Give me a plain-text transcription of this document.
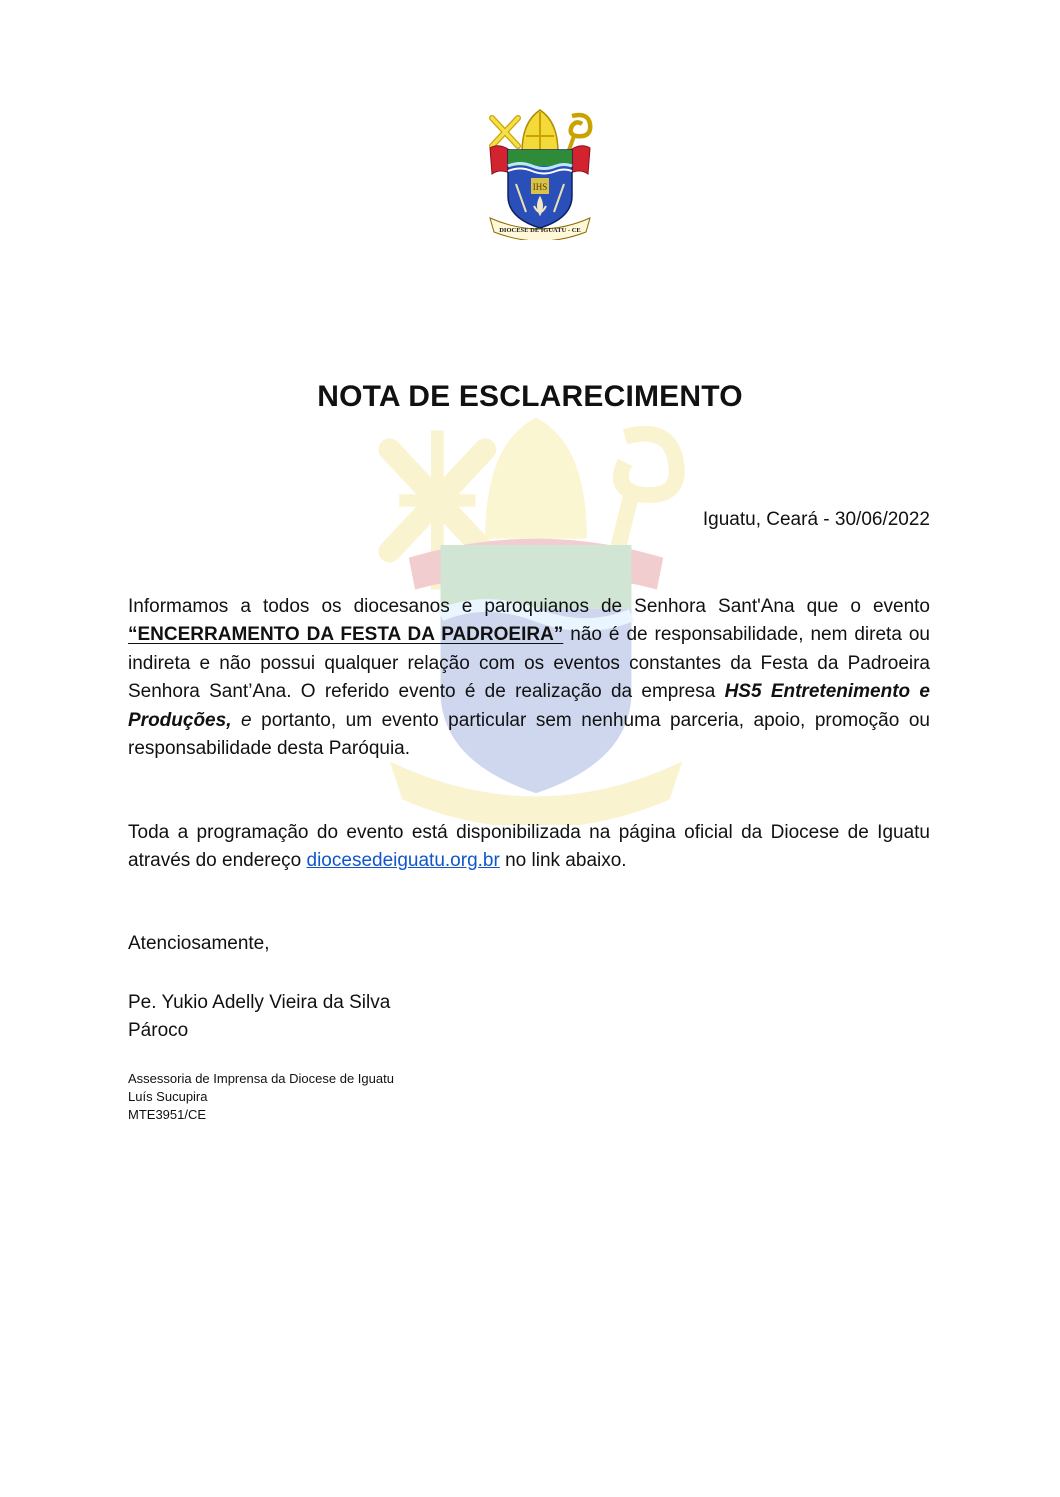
IHS
DIOCESE DE IGUATU - CE
NOTA DE ESCLARECIMENTO
Iguatu, Ceará - 30/06/2022

Informamos a todos os diocesanos e paroquianos de Senhora Sant'Ana que o evento “ENCERRAMENTO DA FESTA DA PADROEIRA” não é de responsabilidade, nem direta ou indireta e não possui qualquer relação com os eventos constantes da Festa da Padroeira Senhora Sant’Ana. O referido evento é de realização da empresa HS5 Entretenimento e Produções, e portanto, um evento particular sem nenhuma parceria, apoio, promoção ou responsabilidade desta Paróquia.

Toda a programação do evento está disponibilizada na página oficial da Diocese de Iguatu através do endereço diocesedeiguatu.org.br no link abaixo.

Atenciosamente,
Pe. Yukio Adelly Vieira da Silva
Pároco
Assessoria de Imprensa da Diocese de Iguatu
Luís Sucupira
MTE3951/CE
